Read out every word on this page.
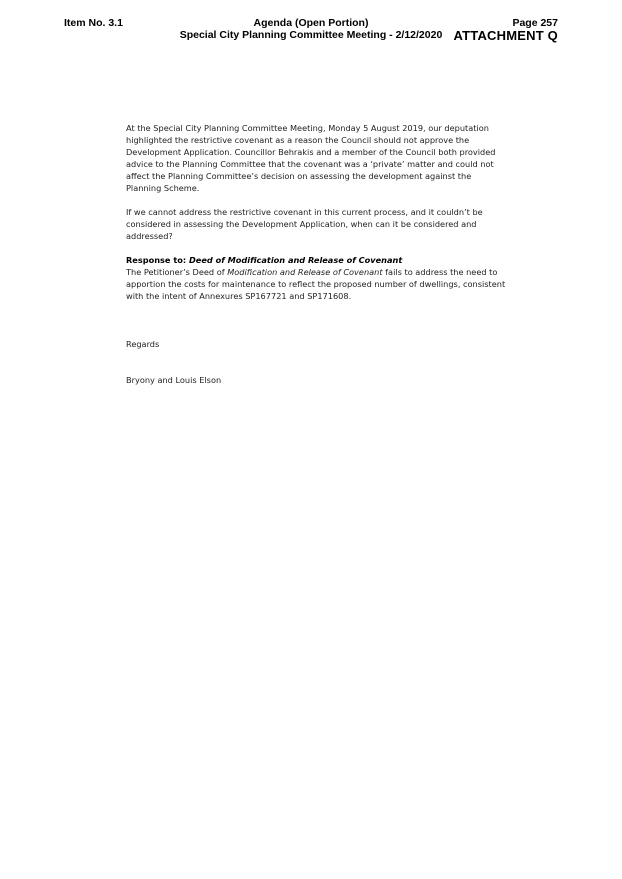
Item No. 3.1	Agenda (Open Portion)
Special City Planning Committee Meeting - 2/12/2020
Page 257
ATTACHMENT Q

At the Special City Planning Committee Meeting, Monday 5 August 2019, our deputation highlighted the restrictive covenant as a reason the Council should not approve the Development Application. Councillor Behrakis and a member of the Council both provided advice to the Planning Committee that the covenant was a ‘private’ matter and could not affect the Planning Committee’s decision on assessing the development against the Planning Scheme.

If we cannot address the restrictive covenant in this current process, and it couldn’t be considered in assessing the Development Application, when can it be considered and addressed?

Response to: Deed of Modification and Release of Covenant

The Petitioner’s Deed of Modification and Release of Covenant fails to address the need to apportion the costs for maintenance to reflect the proposed number of dwellings, consistent with the intent of Annexures SP167721 and SP171608.

Regards

Bryony and Louis Elson
